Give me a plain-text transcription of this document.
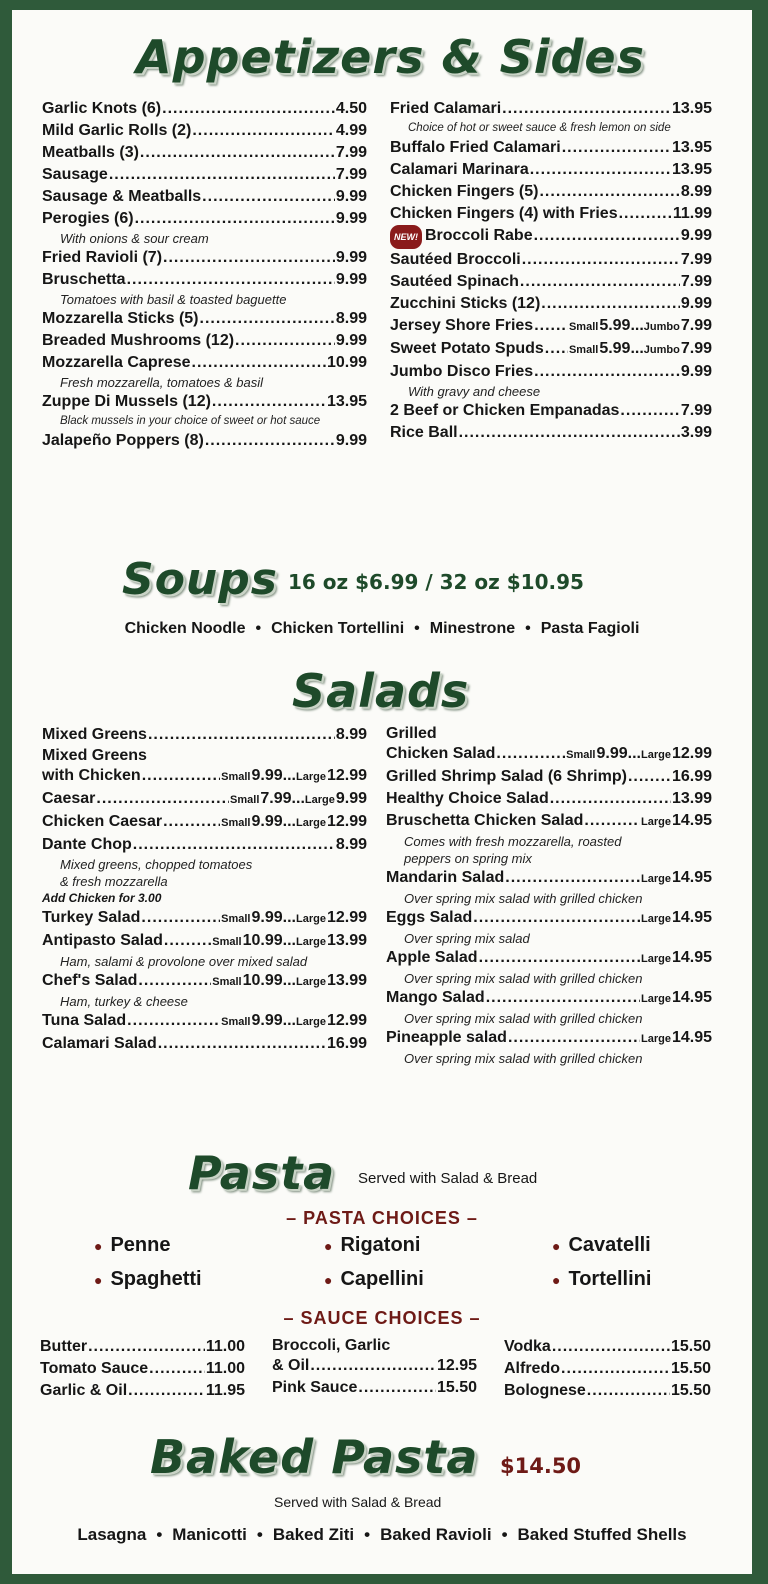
Appetizers & Sides
Garlic Knots (6) .....	4.50
Mild Garlic Rolls (2) .....	4.99
Meatballs (3) .....	7.99
Sausage .....	7.99
Sausage & Meatballs .....	9.99
Perogies (6) .....	9.99
With onions & sour cream
Fried Ravioli (7) .....	9.99
Bruschetta .....	9.99
Tomatoes with basil & toasted baguette
Mozzarella Sticks (5) .....	8.99
Breaded Mushrooms (12) .....	9.99
Mozzarella Caprese .....	10.99
Fresh mozzarella, tomatoes & basil
Zuppe Di Mussels (12) .....	13.95
Black mussels in your choice of sweet or hot sauce
Jalapeño Poppers (8) .....	9.99
Fried Calamari .....	13.95
Choice of hot or sweet sauce & fresh lemon on side
Buffalo Fried Calamari .....	13.95
Calamari Marinara .....	13.95
Chicken Fingers (5) .....	8.99
Chicken Fingers (4) with Fries .....	11.99
NEW! Broccoli Rabe .....	9.99
Sautéed Broccoli .....	7.99
Sautéed Spinach .....	7.99
Zucchini Sticks (12) .....	9.99
Jersey Shore Fries .....	Small5.99...Jumbo7.99
Sweet Potato Spuds ..... Small5.99...Jumbo7.99
Jumbo Disco Fries .....	9.99
With gravy and cheese
2 Beef or Chicken Empanadas .....	7.99
Rice Ball .....	3.99
Soups 16 oz $6.99 / 32 oz $10.95
Chicken Noodle • Chicken Tortellini • Minestrone • Pasta Fagioli
Salads
Mixed Greens .....	8.99
Mixed Greens
with Chicken .....	Small9.99...Large12.99
Caesar .....	Small7.99...Large9.99
Chicken Caesar .....	Small9.99...Large12.99
Dante Chop .....	8.99
Mixed greens, chopped tomatoes
& fresh mozzarella
Add Chicken for 3.00
Turkey Salad .....	Small9.99...Large12.99
Antipasto Salad .....	Small10.99...Large13.99
Ham, salami & provolone over mixed salad
Chef's Salad .....	Small10.99...Large13.99
Ham, turkey & cheese
Tuna Salad .....	Small9.99...Large12.99
Calamari Salad .....	16.99
Grilled
Chicken Salad .....	Small9.99...Large12.99
Grilled Shrimp Salad (6 Shrimp) .....	16.99
Healthy Choice Salad .....	13.99
Bruschetta Chicken Salad .....	Large14.95
Comes with fresh mozzarella, roasted
peppers on spring mix
Mandarin Salad .....	Large14.95
Over spring mix salad with grilled chicken
Eggs Salad .....	Large14.95
Over spring mix salad
Apple Salad .....	Large14.95
Over spring mix salad with grilled chicken
Mango Salad .....	Large14.95
Over spring mix salad with grilled chicken
Pineapple salad .....	Large14.95
Over spring mix salad with grilled chicken
Pasta Served with Salad & Bread
– PASTA CHOICES –
● Penne
● Spaghetti
● Rigatoni
● Capellini
● Cavatelli
● Tortellini
– SAUCE CHOICES –
Butter .....	11.00
Tomato Sauce .....	11.00
Garlic & Oil .....	11.95
Broccoli, Garlic
& Oil .....	12.95
Pink Sauce .....	15.50
Vodka .....	15.50
Alfredo .....	15.50
Bolognese .....	15.50
Baked Pasta $14.50
Served with Salad & Bread
Lasagna • Manicotti • Baked Ziti • Baked Ravioli • Baked Stuffed Shells
